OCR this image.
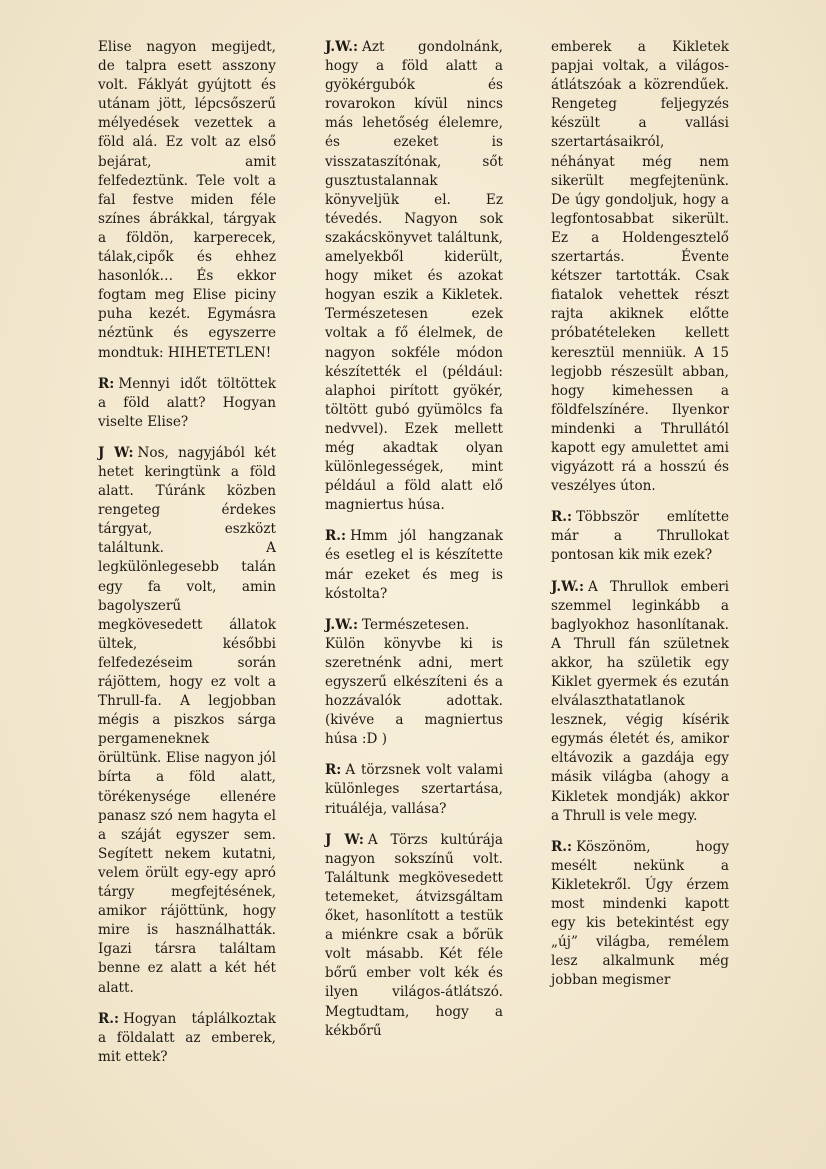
Elise nagyon megijedt, de talpra esett asszony volt. Fáklyát gyújtott és utánam jött, lépcsőszerű mélyedések vezettek a föld alá. Ez volt az első bejárat, amit felfedeztünk. Tele volt a fal festve miden féle színes ábrákkal, tárgyak a földön, karperecek, tálak,cipők és ehhez hasonlók… És ekkor fogtam meg Elise piciny puha kezét. Egymásra néztünk és egyszerre mondtuk: HIHETETLEN!

R: Mennyi időt töltöttek a föld alatt? Hogyan viselte Elise?

J W: Nos, nagyjából két hetet keringtünk a föld alatt. Túránk közben rengeteg érdekes tárgyat, eszközt találtunk. A legkülönlegesebb talán egy fa volt, amin bagolyszerű megkövesedett állatok ültek, későbbi felfedezéseim során rájöttem, hogy ez volt a Thrull-fa. A legjobban mégis a piszkos sárga pergameneknek örültünk. Elise nagyon jól bírta a föld alatt, törékenysége ellenére panasz szó nem hagyta el a száját egyszer sem. Segített nekem kutatni, velem örült egy-egy apró tárgy megfejtésének, amikor rájöttünk, hogy mire is használhatták. Igazi társra találtam benne ez alatt a két hét alatt.

R.: Hogyan táplálkoztak a földalatt az emberek, mit ettek?

J.W.: Azt gondolnánk, hogy a föld alatt a gyökérgubók és rovarokon kívül nincs más lehetőség élelemre, és ezeket is visszataszítónak, sőt gusztustalannak könyveljük el. Ez tévedés. Nagyon sok szakácskönyvet találtunk, amelyekből kiderült, hogy miket és azokat hogyan eszik a Kikletek. Természetesen ezek voltak a fő élelmek, de nagyon sokféle módon készítették el (például: alaphoi pirított gyökér, töltött gubó gyümölcs fa nedvvel). Ezek mellett még akadtak olyan különlegességek, mint például a föld alatt elő magniertus húsa.

R.: Hmm jól hangzanak és esetleg el is készítette már ezeket és meg is kóstolta?

J.W.: Természetesen. Külön könyvbe ki is szeretnénk adni, mert egyszerű elkészíteni és a hozzávalók adottak.(kivéve a magniertus húsa :D )

R: A törzsnek volt valami különleges szertartása, rituáléja, vallása?

J W: A Törzs kultúrája nagyon sokszínű volt. Találtunk megkövesedett tetemeket, átvizsgáltam őket, hasonlított a testük a miénkre csak a bőrük volt másabb. Két féle bőrű ember volt kék és ilyen világos-átlátszó. Megtudtam, hogy a kékbőrű

emberek a Kikletek papjai voltak, a világos-átlátszóak a közrendűek. Rengeteg feljegyzés készült a vallási szertartásaikról, néhányat még nem sikerült megfejtenünk. De úgy gondoljuk, hogy a legfontosabbat sikerült. Ez a Holdengesztelő szertartás. Évente kétszer tartották. Csak fiatalok vehettek részt rajta akiknek előtte próbatételeken kellett keresztül menniük. A 15 legjobb részesült abban, hogy kimehessen a földfelszínére. Ilyenkor mindenki a Thrullától kapott egy amulettet ami vigyázott rá a hosszú és veszélyes úton.

R.: Többször említette már a Thrullokat pontosan kik mik ezek?

J.W.: A Thrullok emberi szemmel leginkább a baglyokhoz hasonlítanak. A Thrull fán születnek akkor, ha születik egy Kiklet gyermek és ezután elválaszthatatlanok lesznek, végig kísérik egymás életét és, amikor eltávozik a gazdája egy másik világba (ahogy a Kikletek mondják) akkor a Thrull is vele megy.

R.: Köszönöm, hogy mesélt nekünk a Kikletekről. Úgy érzem most mindenki kapott egy kis betekintést egy „új” világba, remélem lesz alkalmunk még jobban megismer
